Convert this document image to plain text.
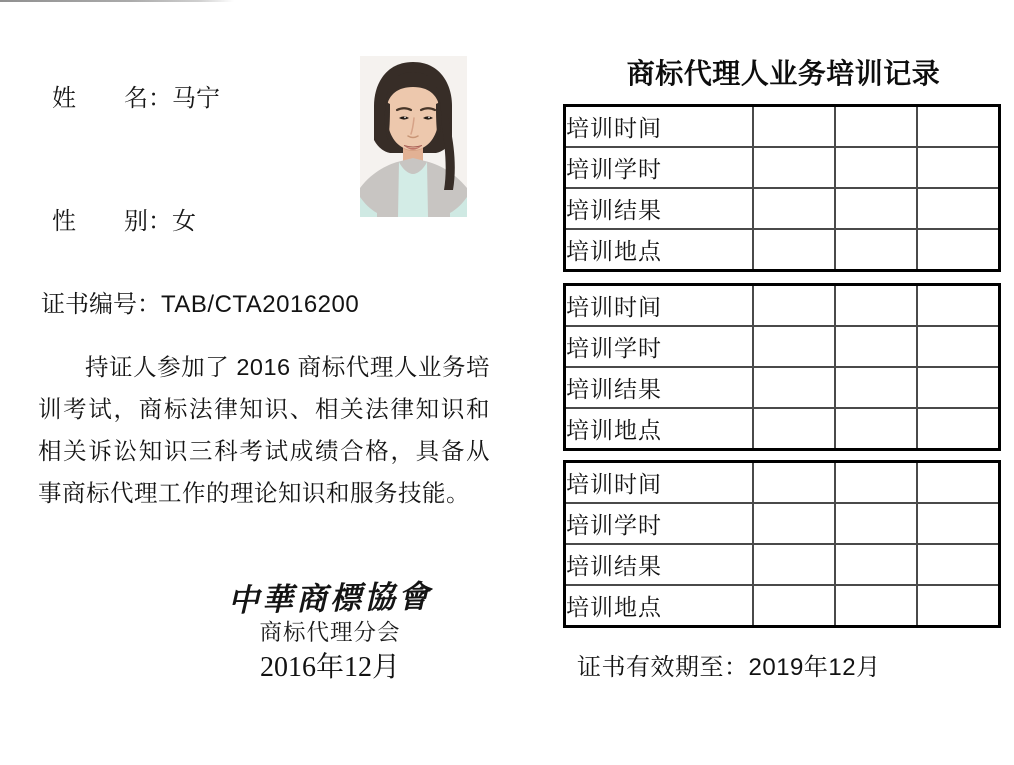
姓　　名：马宁

性　　别：女

证书编号：TAB/CTA2016200
持证人参加了 2016 商标代理人业务培训考试，商标法律知识、相关法律知识和相关诉讼知识三科考试成绩合格，具备从事商标代理工作的理论知识和服务技能。
中華商標協會
商标代理分会
2016年12月
商标代理人业务培训记录
培训时间			
培训学时			
培训结果			
培训地点			
培训时间			
培训学时			
培训结果			
培训地点			
培训时间			
培训学时			
培训结果			
培训地点			
证书有效期至：2019年12月
